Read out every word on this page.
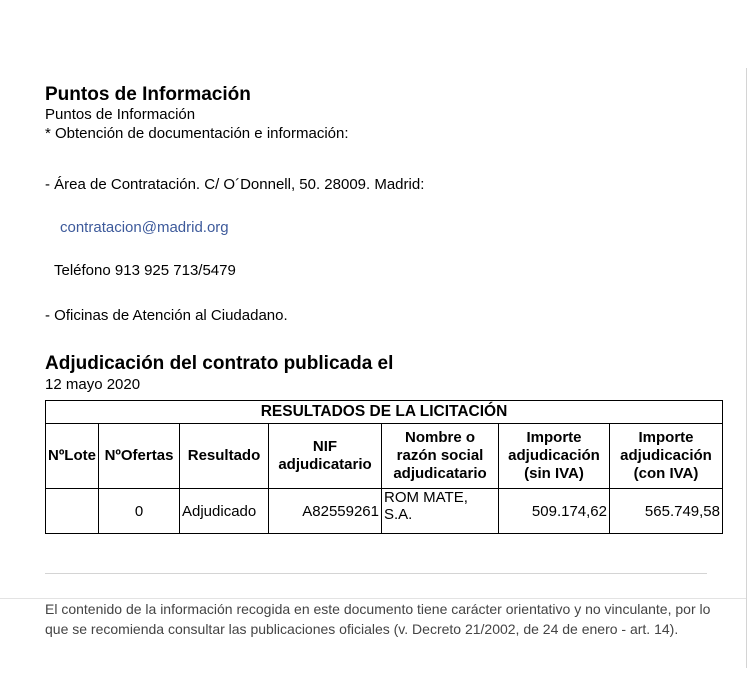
Puntos de Información

Puntos de Información

* Obtención de documentación e información:

- Área de Contratación. C/ O´Donnell, 50. 28009. Madrid:

contratacion@madrid.org

Teléfono 913 925 713/5479

- Oficinas de Atención al Ciudadano.

Adjudicación del contrato publicada el
12 mayo 2020
RESULTADOS DE LA LICITACIÓN						
NºLote	NºOfertas	Resultado	NIF adjudicatario	Nombre o razón social adjudicatario	Importe adjudicación (sin IVA)	Importe adjudicación (con IVA)
	0	Adjudicado	A82559261	ROM MATE, S.A.	509.174,62	565.749,58

El contenido de la información recogida en este documento tiene carácter orientativo y no vinculante, por lo que se recomienda consultar las publicaciones oficiales (v. Decreto 21/2002, de 24 de enero - art. 14).
